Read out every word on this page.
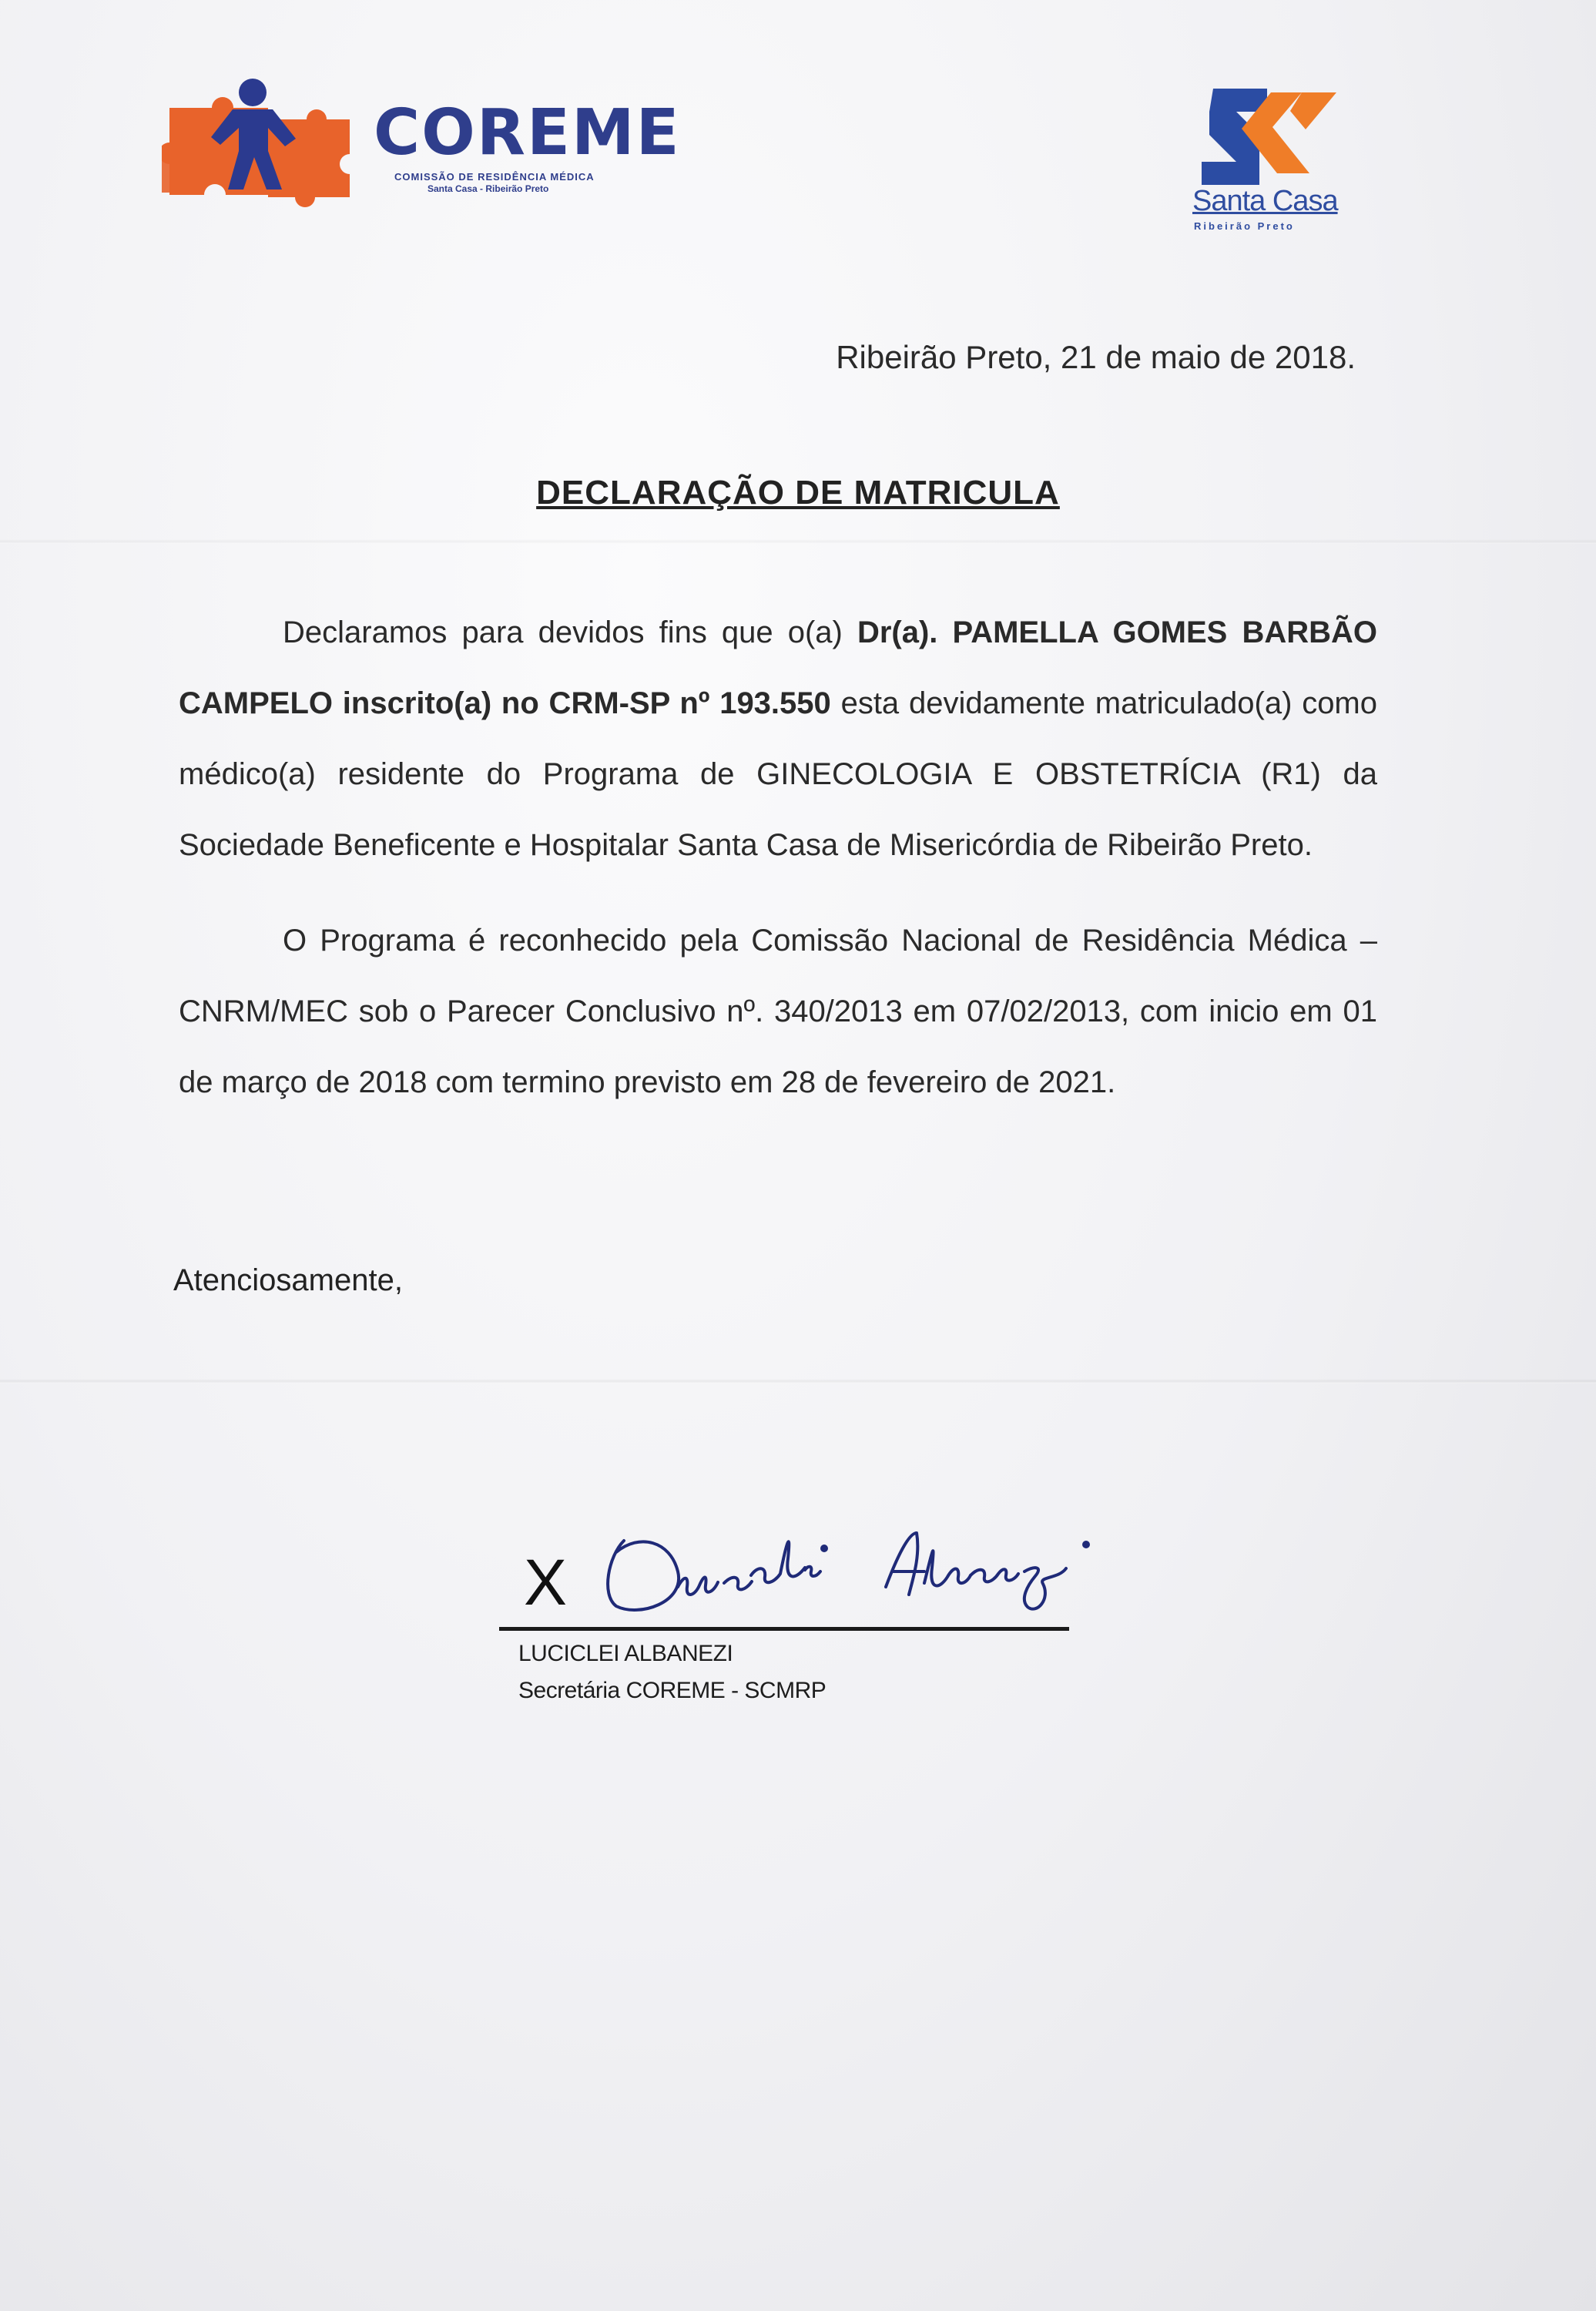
COREME
COMISSÃO DE RESIDÊNCIA MÉDICA
Santa Casa - Ribeirão Preto	Santa Casa
Ribeirão Preto
Ribeirão Preto, 21 de maio de 2018.
DECLARAÇÃO DE MATRICULA

Declaramos para devidos fins que o(a) Dr(a). PAMELLA GOMES BARBÃO CAMPELO inscrito(a) no CRM-SP nº 193.550 esta devidamente matriculado(a) como médico(a) residente do Programa de GINECOLOGIA E OBSTETRÍCIA (R1) da Sociedade Beneficente e Hospitalar Santa Casa de Misericórdia de Ribeirão Preto.

O Programa é reconhecido pela Comissão Nacional de Residência Médica – CNRM/MEC sob o Parecer Conclusivo nº. 340/2013 em 07/02/2013, com inicio em 01 de março de 2018 com termino previsto em 28 de fevereiro de 2021.

Atenciosamente,
X
LUCICLEI ALBANEZI
Secretária COREME - SCMRP
